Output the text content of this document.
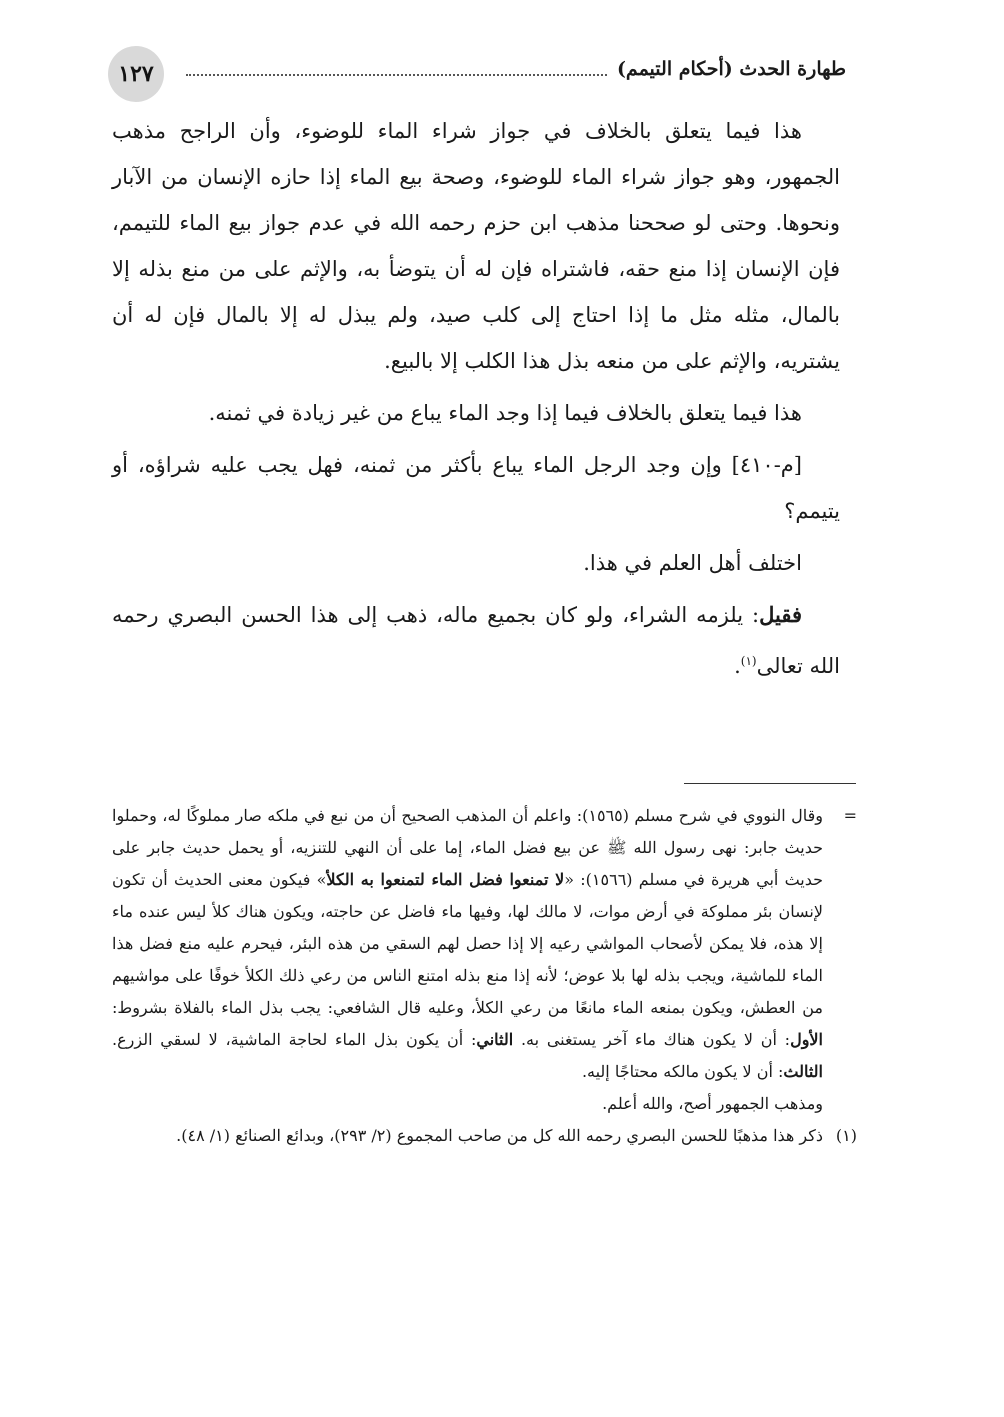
١٢٧	طهارة الحدث (أحكام التيمم)

هذا فيما يتعلق بالخلاف في جواز شراء الماء للوضوء، وأن الراجح مذهب الجمهور، وهو جواز شراء الماء للوضوء، وصحة بيع الماء إذا حازه الإنسان من الآبار ونحوها. وحتى لو صححنا مذهب ابن حزم رحمه الله في عدم جواز بيع الماء للتيمم، فإن الإنسان إذا منع حقه، فاشتراه فإن له أن يتوضأ به، والإثم على من منع بذله إلا بالمال، مثله مثل ما إذا احتاج إلى كلب صيد، ولم يبذل له إلا بالمال فإن له أن يشتريه، والإثم على من منعه بذل هذا الكلب إلا بالبيع.

هذا فيما يتعلق بالخلاف فيما إذا وجد الماء يباع من غير زيادة في ثمنه.

[م-٤١٠] وإن وجد الرجل الماء يباع بأكثر من ثمنه، فهل يجب عليه شراؤه، أو يتيمم؟

اختلف أهل العلم في هذا.

فقيل: يلزمه الشراء، ولو كان بجميع ماله، ذهب إلى هذا الحسن البصري رحمه الله تعالى$^{(١)}$.

=

وقال النووي في شرح مسلم (١٥٦٥): واعلم أن المذهب الصحيح أن من نبع في ملكه صار مملوكًا له، وحملوا حديث جابر: نهى رسول الله ﷺ عن بيع فضل الماء، إما على أن النهي للتنزيه، أو يحمل حديث جابر على حديث أبي هريرة في مسلم (١٥٦٦): «لا تمنعوا فضل الماء لتمنعوا به الكلأ» فيكون معنى الحديث أن تكون لإنسان بئر مملوكة في أرض موات، لا مالك لها، وفيها ماء فاضل عن حاجته، ويكون هناك كلأ ليس عنده ماء إلا هذه، فلا يمكن لأصحاب المواشي رعيه إلا إذا حصل لهم السقي من هذه البئر، فيحرم عليه منع فضل هذا الماء للماشية، ويجب بذله لها بلا عوض؛ لأنه إذا منع بذله امتنع الناس من رعي ذلك الكلأ خوفًا على مواشيهم من العطش، ويكون بمنعه الماء مانعًا من رعي الكلأ، وعليه قال الشافعي: يجب بذل الماء بالفلاة بشروط: الأول: أن لا يكون هناك ماء آخر يستغنى به. الثاني: أن يكون بذل الماء لحاجة الماشية، لا لسقي الزرع. الثالث: أن لا يكون مالكه محتاجًا إليه.

ومذهب الجمهور أصح، والله أعلم.

(١)
ذكر هذا مذهبًا للحسن البصري رحمه الله كل من صاحب المجموع (٢/ ٢٩٣)، وبدائع الصنائع (١/ ٤٨).
